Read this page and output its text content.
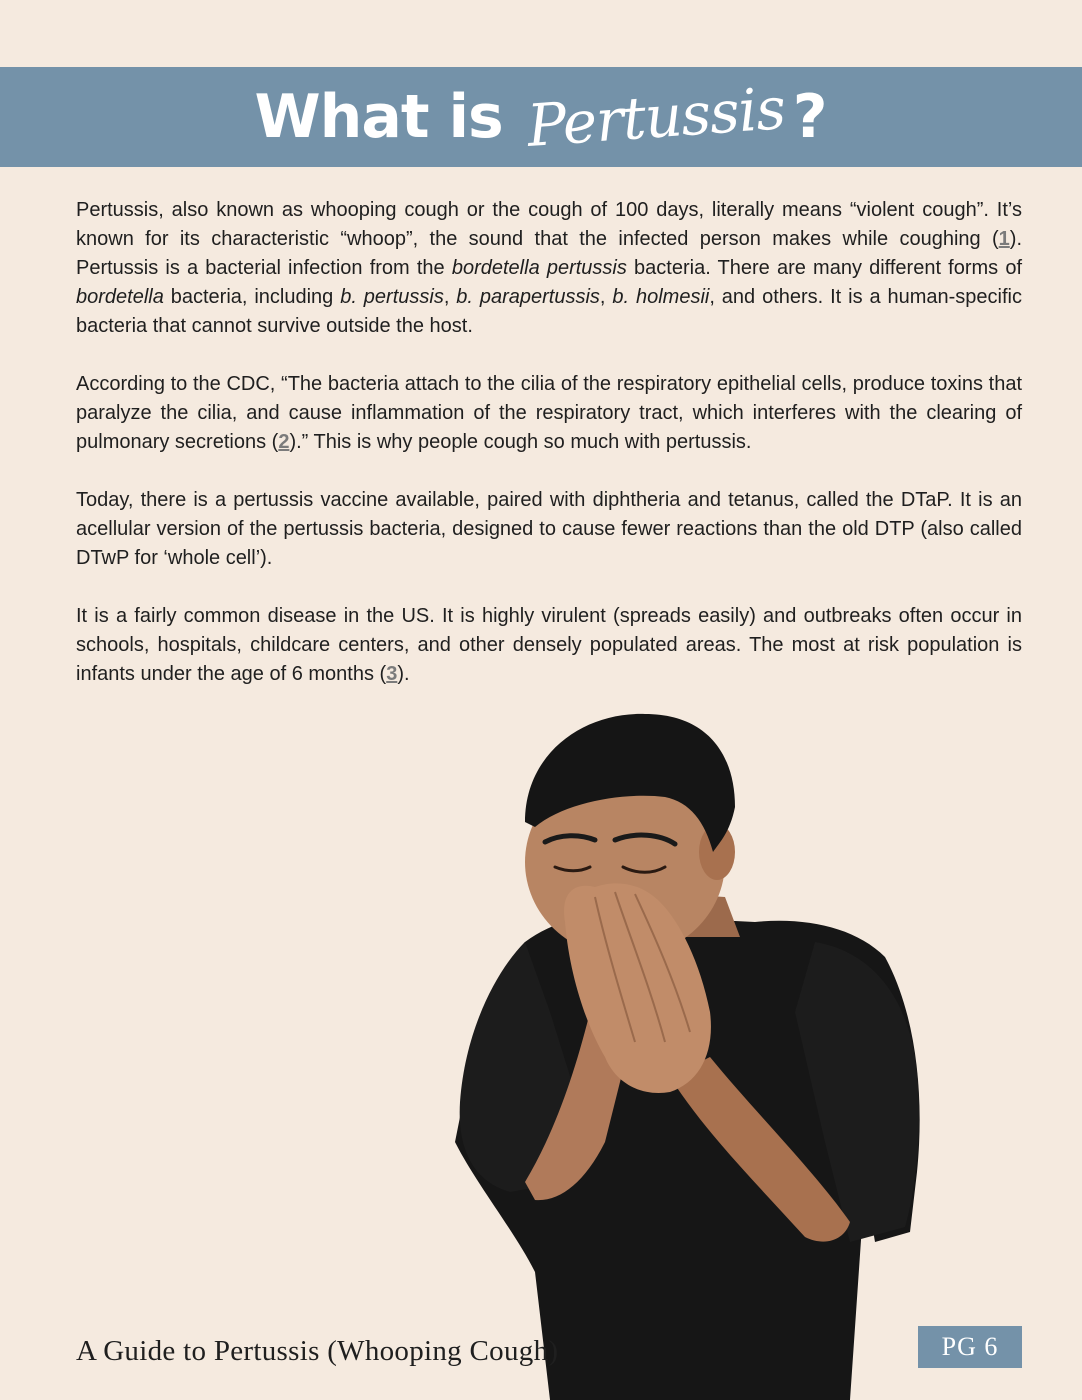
What is Pertussis ?

Pertussis, also known as whooping cough or the cough of 100 days, literally means “violent cough”. It’s known for its characteristic “whoop”, the sound that the infected person makes while coughing (1). Pertussis is a bacterial infection from the bordetella pertussis bacteria. There are many different forms of bordetella bacteria, including b. pertussis, b. parapertussis, b. holmesii, and others. It is a human-specific bacteria that cannot survive outside the host.

According to the CDC, “The bacteria attach to the cilia of the respiratory epithelial cells, produce toxins that paralyze the cilia, and cause inflammation of the respiratory tract, which interferes with the clearing of pulmonary secretions (2).” This is why people cough so much with pertussis.

Today, there is a pertussis vaccine available, paired with diphtheria and tetanus, called the DTaP. It is an acellular version of the pertussis bacteria, designed to cause fewer reactions than the old DTP (also called DTwP for ‘whole cell’).

It is a fairly common disease in the US. It is highly virulent (spreads easily) and outbreaks often occur in schools, hospitals, childcare centers, and other densely populated areas. The most at risk population is infants under the age of 6 months (3).

A Guide to Pertussis (Whooping Cough)	PG 6
